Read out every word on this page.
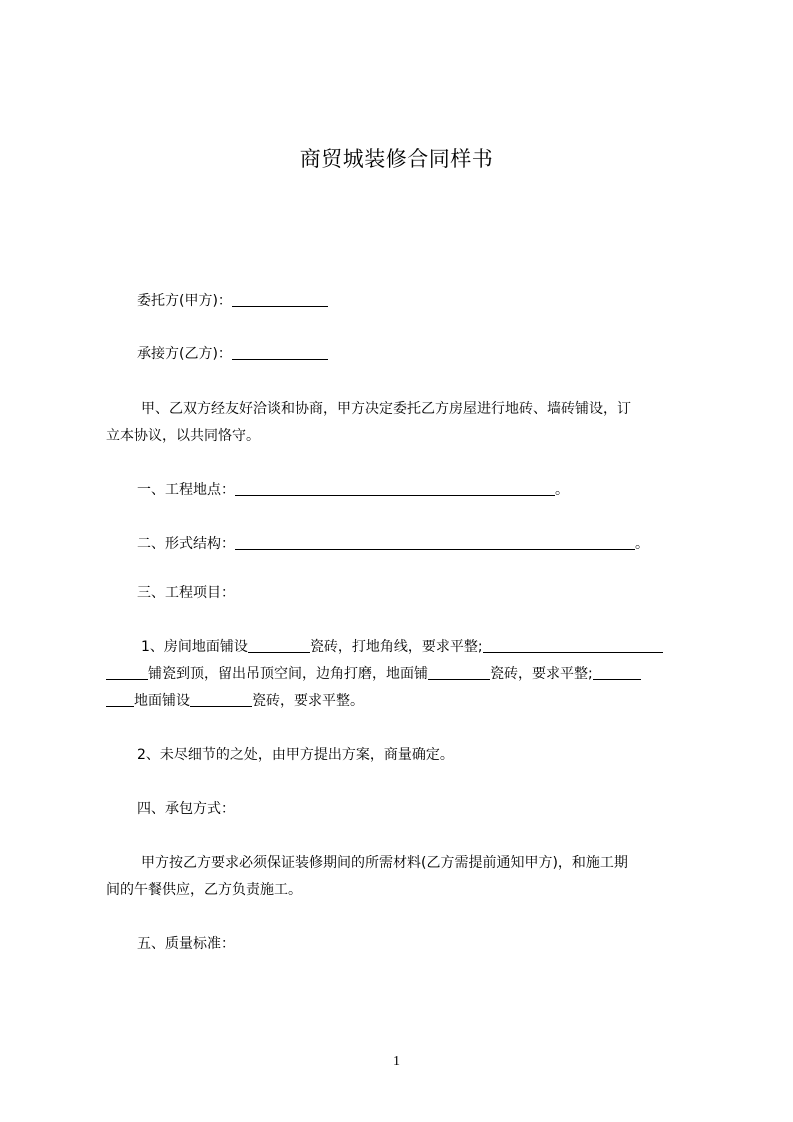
商贸城装修合同样书
委托方(甲方)：
承接方(乙方)：
甲、乙双方经友好洽谈和协商，甲方决定委托乙方房屋进行地砖、墙砖铺设，订
立本协议，以共同恪守。
一、工程地点：	。
二、形式结构：	。
三、工程项目：
1、房间地面铺设	瓷砖，打地角线，要求平整;
铺瓷到顶，留出吊顶空间，边角打磨，地面铺	瓷砖，要求平整;
地面铺设	瓷砖，要求平整。
2、未尽细节的之处，由甲方提出方案，商量确定。
四、承包方式：
甲方按乙方要求必须保证装修期间的所需材料(乙方需提前通知甲方)，和施工期
间的午餐供应，乙方负责施工。
五、质量标准：
1
